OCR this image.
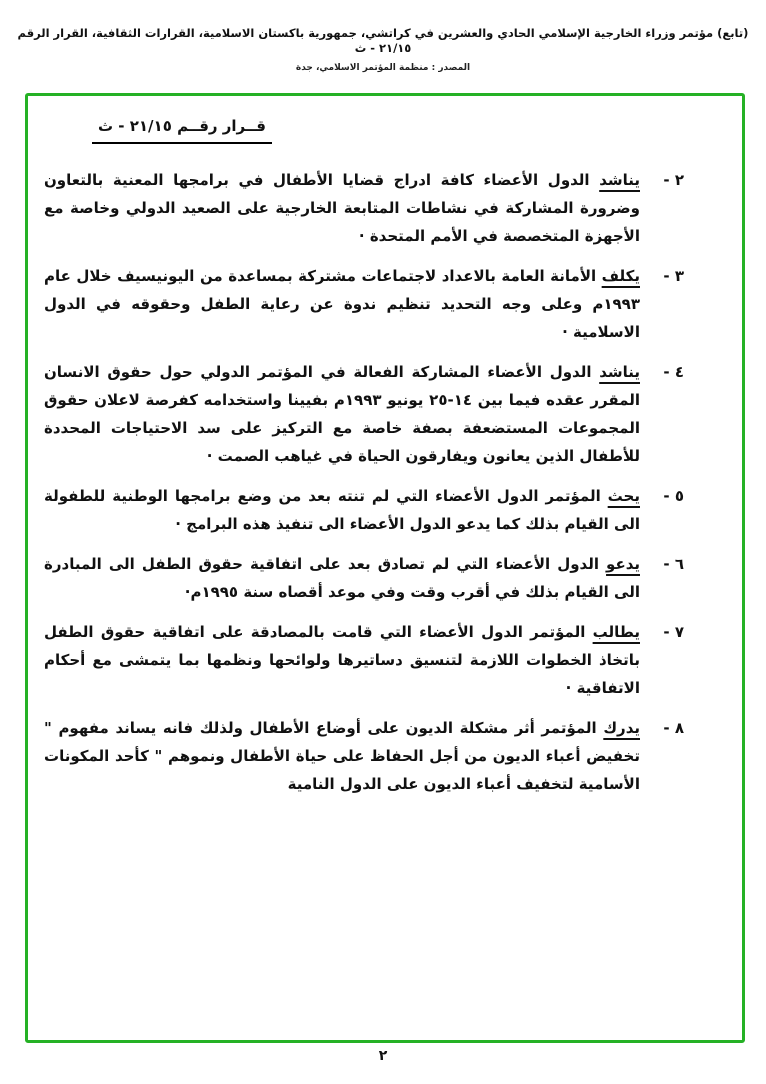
(تابع) مؤتمر وزراء الخارجية الإسلامي الحادي والعشرين في كراتشي، جمهورية باكستان الاسلامية، القرارات الثقافية، القرار الرقم ٢١/١٥ - ث
المصدر : منظمة المؤتمر الاسلامي، جدة
قــرار رقــم ٢١/١٥ - ث
٢ -
يناشد الدول الأعضاء كافة ادراج قضايا الأطفال في برامجها المعنية بالتعاون وضرورة المشاركة في نشاطات المتابعة الخارجية على الصعيد الدولي وخاصة مع الأجهزة المتخصصة في الأمم المتحدة ·
٣ -
يكلف الأمانة العامة بالاعداد لاجتماعات مشتركة بمساعدة من اليونيسيف خلال عام ١٩٩٣م وعلى وجه التحديد تنظيم ندوة عن رعاية الطفل وحقوقه في الدول الاسلامية ·
٤ -
يناشد الدول الأعضاء المشاركة الفعالة في المؤتمر الدولي حول حقوق الانسان المقرر عقده فيما بين ١٤-٢٥ يونيو ١٩٩٣م بفيينا واستخدامه كفرصة لاعلان حقوق المجموعات المستضعفة بصفة خاصة مع التركيز على سد الاحتياجات المحددة للأطفال الذين يعانون ويفارقون الحياة في غياهب الصمت ·
٥ -
يحث المؤتمر الدول الأعضاء التي لم تنته بعد من وضع برامجها الوطنية للطفولة الى القيام بذلك كما يدعو الدول الأعضاء الى تنفيذ هذه البرامج ·
٦ -
يدعو الدول الأعضاء التي لم تصادق بعد على اتفاقية حقوق الطفل الى المبادرة الى القيام بذلك في أقرب وقت وفي موعد أقصاه سنة ١٩٩٥م·
٧ -
يطالب المؤتمر الدول الأعضاء التي قامت بالمصادقة على اتفاقية حقوق الطفل باتخاذ الخطوات اللازمة لتنسيق دساتيرها ولوائحها ونظمها بما يتمشى مع أحكام الاتفاقية ·
٨ -
يدرك المؤتمر أثر مشكلة الديون على أوضاع الأطفال ولذلك فانه يساند مفهوم " تخفيض أعباء الديون من أجل الحفاظ على حياة الأطفال ونموهم " كأحد المكونات الأسامية لتخفيف أعباء الديون على الدول النامية
٢
